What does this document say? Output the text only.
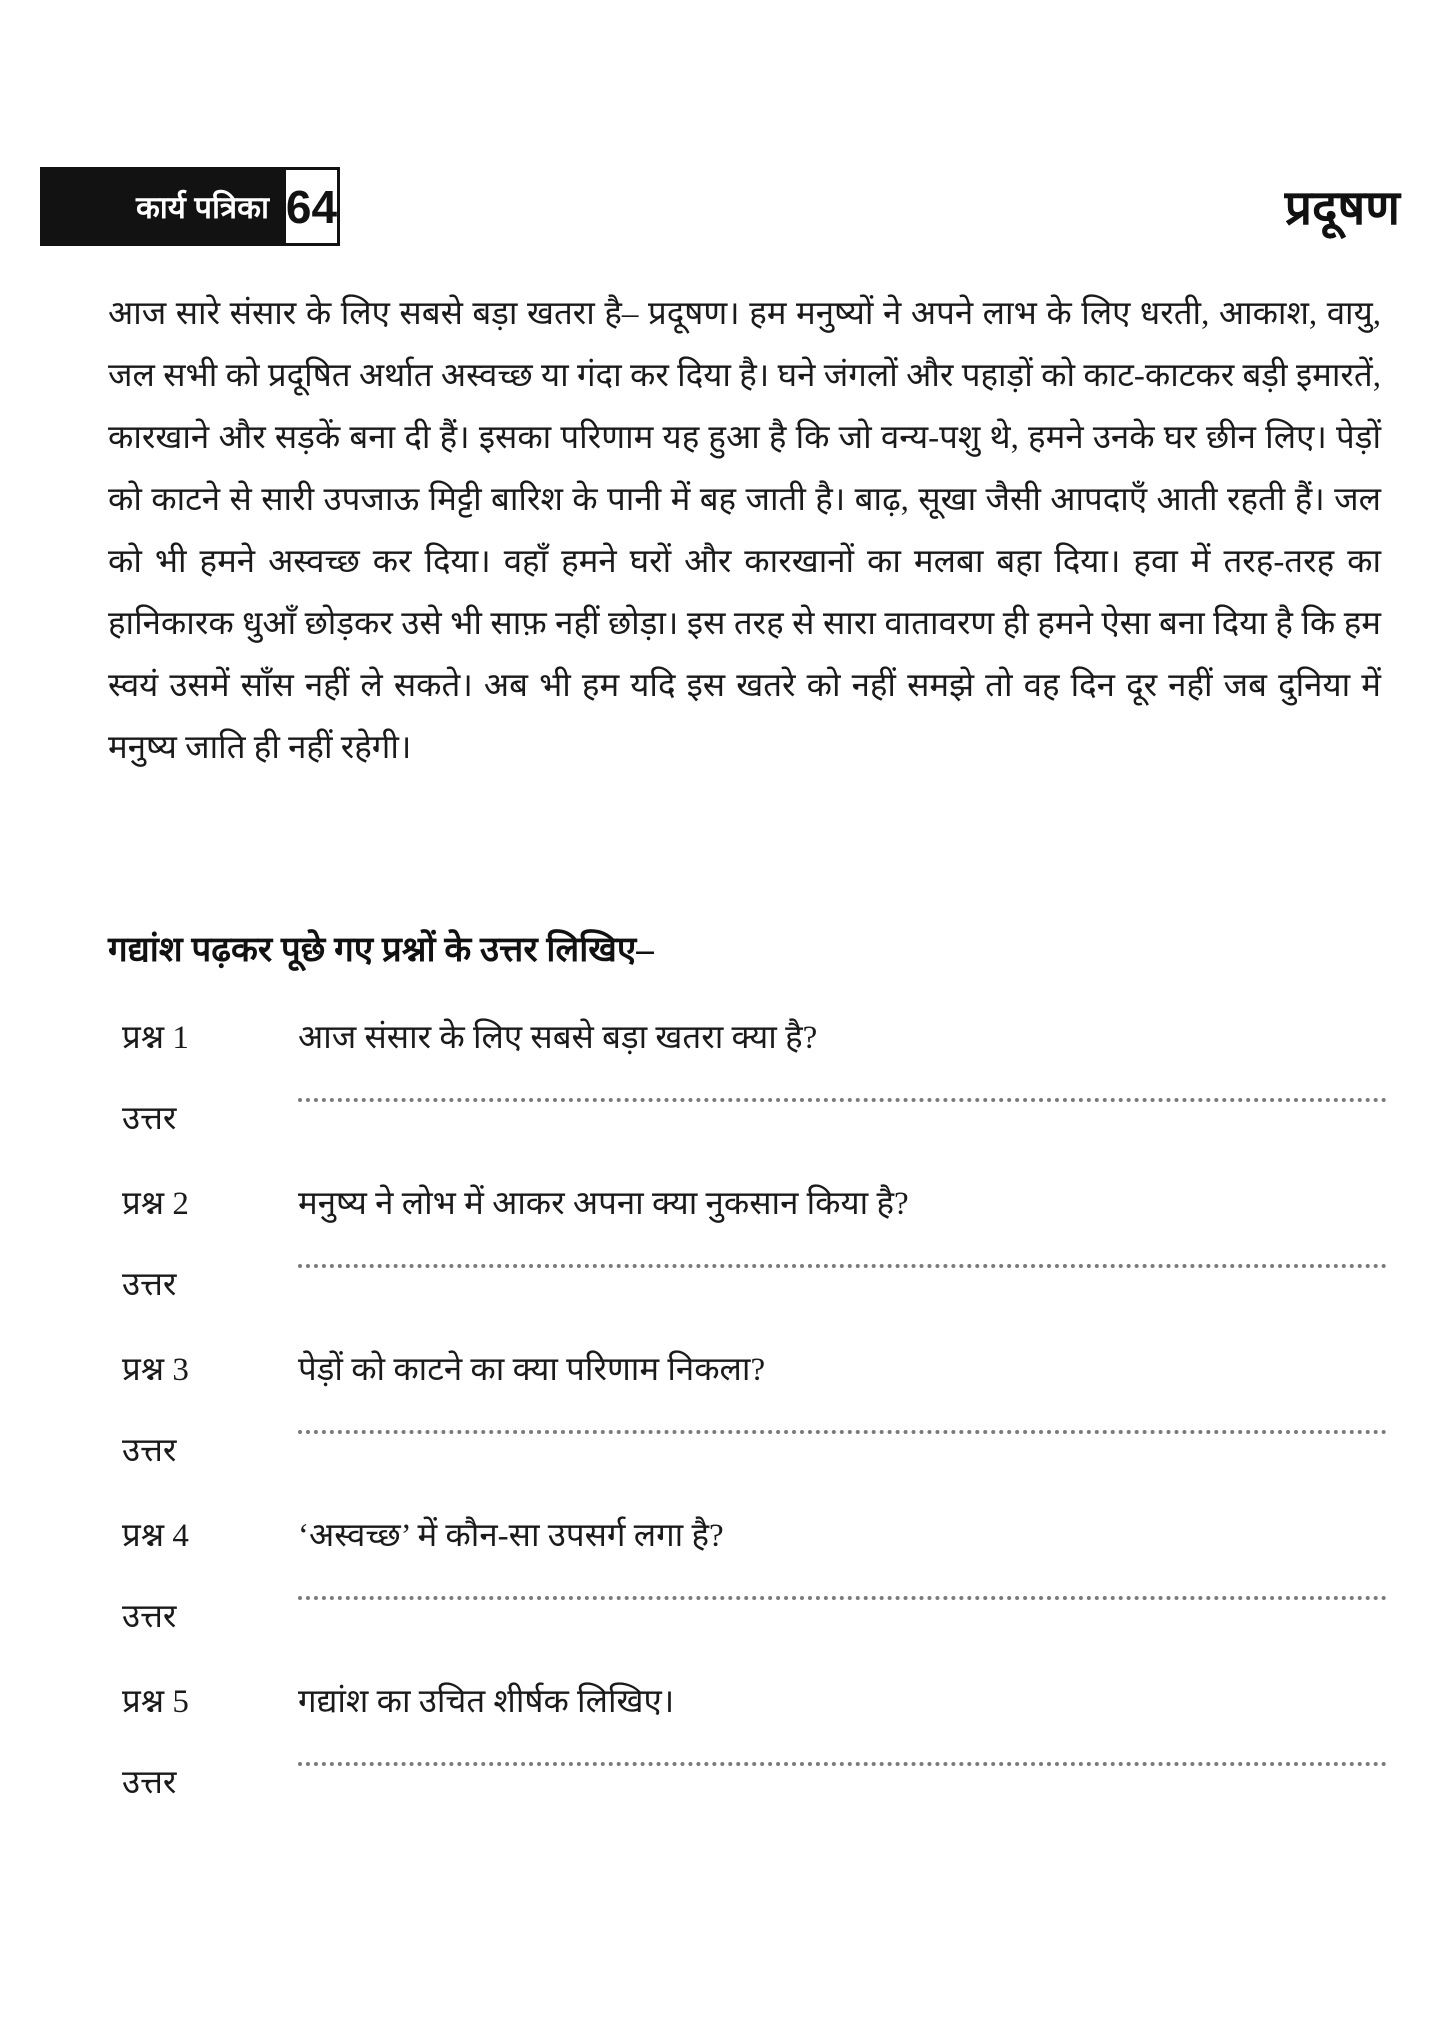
कार्य पत्रिका 64	प्रदूषण
आज सारे संसार के लिए सबसे बड़ा खतरा है– प्रदूषण। हम मनुष्यों ने अपने लाभ के लिए धरती, आकाश, वायु, जल सभी को प्रदूषित अर्थात अस्वच्छ या गंदा कर दिया है। घने जंगलों और पहाड़ों को काट-काटकर बड़ी इमारतें, कारखाने और सड़कें बना दी हैं। इसका परिणाम यह हुआ है कि जो वन्य-पशु थे, हमने उनके घर छीन लिए। पेड़ों को काटने से सारी उपजाऊ मिट्टी बारिश के पानी में बह जाती है। बाढ़, सूखा जैसी आपदाएँ आती रहती हैं। जल को भी हमने अस्वच्छ कर दिया। वहाँ हमने घरों और कारखानों का मलबा बहा दिया। हवा में तरह-तरह का हानिकारक धुआँ छोड़कर उसे भी साफ़ नहीं छोड़ा। इस तरह से सारा वातावरण ही हमने ऐसा बना दिया है कि हम स्वयं उसमें साँस नहीं ले सकते। अब भी हम यदि इस खतरे को नहीं समझे तो वह दिन दूर नहीं जब दुनिया में मनुष्य जाति ही नहीं रहेगी।
गद्यांश पढ़कर पूछे गए प्रश्नों के उत्तर लिखिए–
प्रश्न 1	आज संसार के लिए सबसे बड़ा खतरा क्या है?
उत्तर
प्रश्न 2	मनुष्य ने लोभ में आकर अपना क्या नुकसान किया है?
उत्तर
प्रश्न 3	पेड़ों को काटने का क्या परिणाम निकला?
उत्तर
प्रश्न 4	‘अस्वच्छ’ में कौन-सा उपसर्ग लगा है?
उत्तर
प्रश्न 5	गद्यांश का उचित शीर्षक लिखिए।
उत्तर
